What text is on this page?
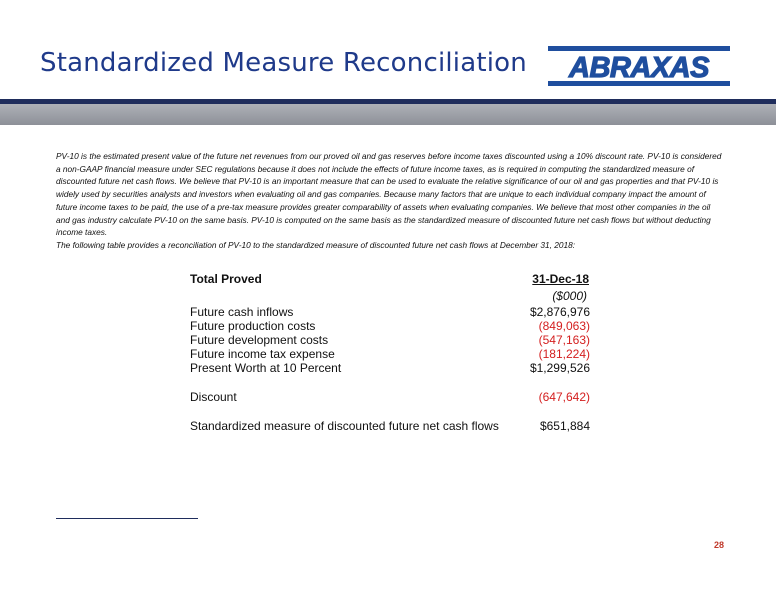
Standardized Measure Reconciliation ABRAXAS

PV-10 is the estimated present value of the future net revenues from our proved oil and gas reserves before income taxes discounted using a 10% discount rate. PV-10 is considered a non-GAAP financial measure under SEC regulations because it does not include the effects of future income taxes, as is required in computing the standardized measure of discounted future net cash flows. We believe that PV-10 is an important measure that can be used to evaluate the relative significance of our oil and gas properties and that PV-10 is widely used by securities analysts and investors when evaluating oil and gas companies. Because many factors that are unique to each individual company impact the amount of future income taxes to be paid, the use of a pre-tax measure provides greater comparability of assets when evaluating companies. We believe that most other companies in the oil and gas industry calculate PV-10 on the same basis. PV-10 is computed on the same basis as the standardized measure of discounted future net cash flows but without deducting income taxes.

The following table provides a reconciliation of PV-10 to the standardized measure of discounted future net cash flows at December 31, 2018:

Total Proved	31-Dec-18
($000)
Future cash inflows	$2,876,976
Future production costs	(849,063)
Future development costs	(547,163)
Future income tax expense	(181,224)
Present Worth at 10 Percent	$1,299,526
Discount	(647,642)
Standardized measure of discounted future net cash flows	$651,884
28
